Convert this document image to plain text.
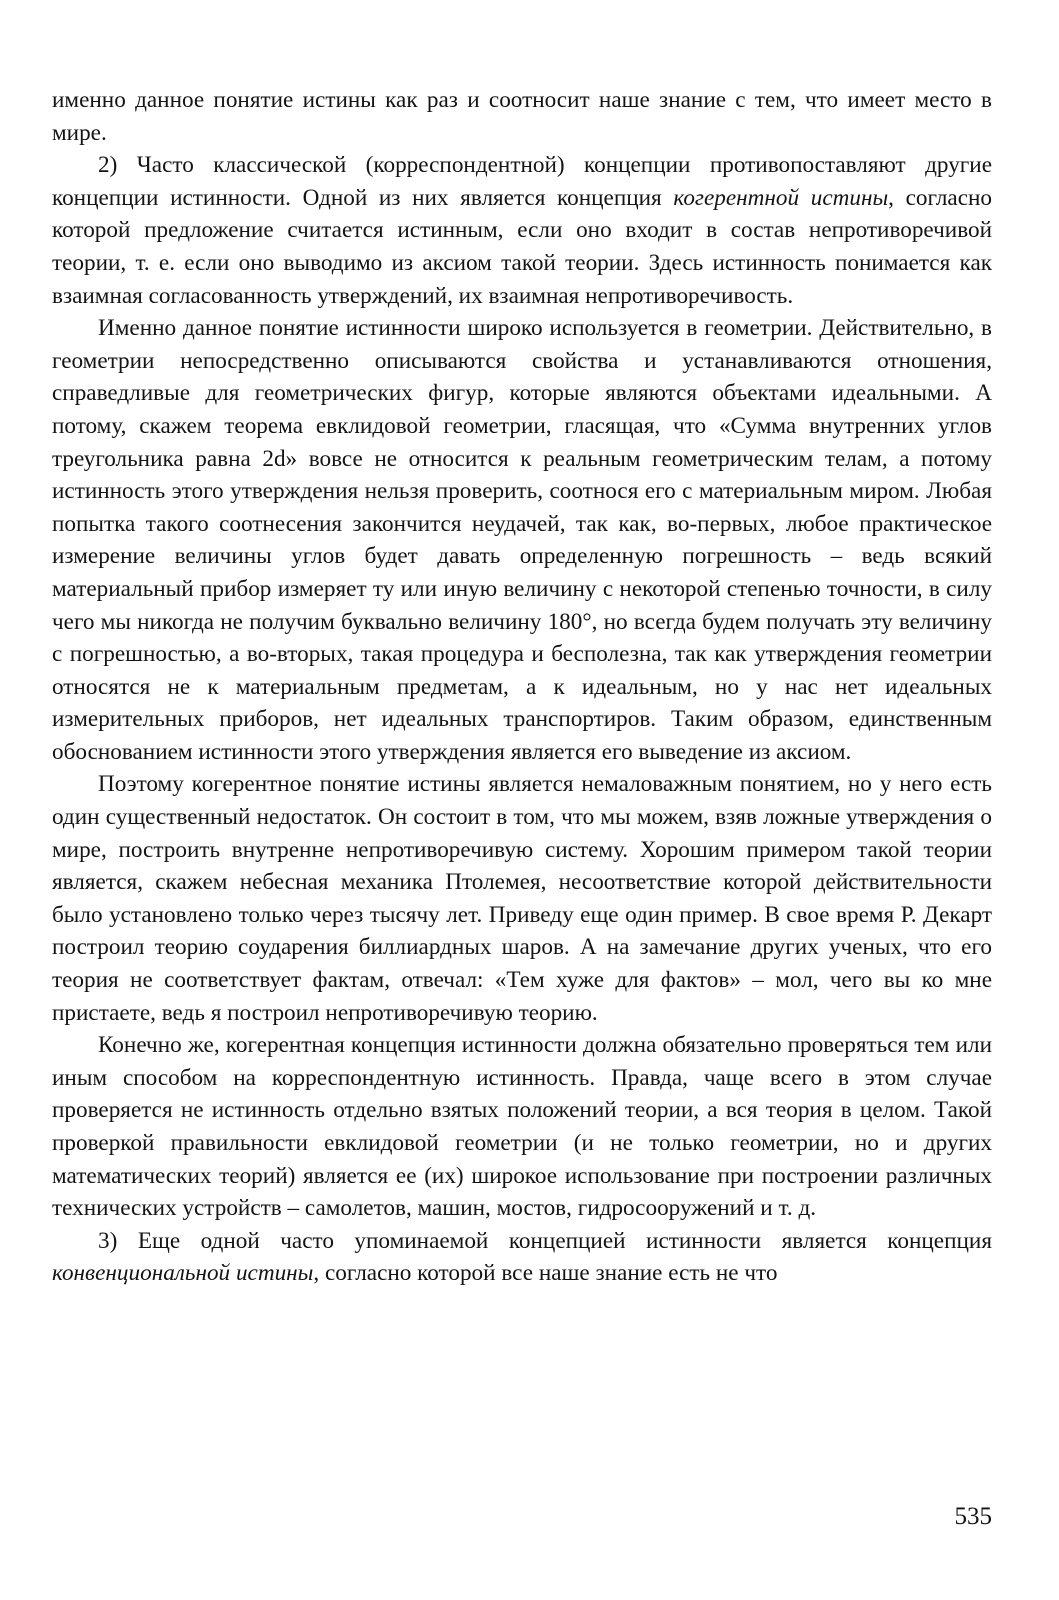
именно данное понятие истины как раз и соотносит наше знание с тем, что имеет место в мире.

2) Часто классической (корреспондентной) концепции противопоставляют другие концепции истинности. Одной из них является концепция когерентной истины, согласно которой предложение считается истинным, если оно входит в состав непротиворечивой теории, т. е. если оно выводимо из аксиом такой теории. Здесь истинность понимается как взаимная согласованность утверждений, их взаимная непротиворечивость.

Именно данное понятие истинности широко используется в геометрии. Действительно, в геометрии непосредственно описываются свойства и устанавливаются отношения, справедливые для геометрических фигур, которые являются объектами идеальными. А потому, скажем теорема евклидовой геометрии, гласящая, что «Сумма внутренних углов треугольника равна 2d» вовсе не относится к реальным геометрическим телам, а потому истинность этого утверждения нельзя проверить, соотнося его с материальным миром. Любая попытка такого соотнесения закончится неудачей, так как, во-первых, любое практическое измерение величины углов будет давать определенную погрешность – ведь всякий материальный прибор измеряет ту или иную величину с некоторой степенью точности, в силу чего мы никогда не получим буквально величину 180°, но всегда будем получать эту величину с погрешностью, а во-вторых, такая процедура и бесполезна, так как утверждения геометрии относятся не к материальным предметам, а к идеальным, но у нас нет идеальных измерительных приборов, нет идеальных транспортиров. Таким образом, единственным обоснованием истинности этого утверждения является его выведение из аксиом.

Поэтому когерентное понятие истины является немаловажным понятием, но у него есть один существенный недостаток. Он состоит в том, что мы можем, взяв ложные утверждения о мире, построить внутренне непротиворечивую систему. Хорошим примером такой теории является, скажем небесная механика Птолемея, несоответствие которой действительности было установлено только через тысячу лет. Приведу еще один пример. В свое время Р. Декарт построил теорию соударения биллиардных шаров. А на замечание других ученых, что его теория не соответствует фактам, отвечал: «Тем хуже для фактов» – мол, чего вы ко мне пристаете, ведь я построил непротиворечивую теорию.

Конечно же, когерентная концепция истинности должна обязательно проверяться тем или иным способом на корреспондентную истинность. Правда, чаще всего в этом случае проверяется не истинность отдельно взятых положений теории, а вся теория в целом. Такой проверкой правильности евклидовой геометрии (и не только геометрии, но и других математических теорий) является ее (их) широкое использование при построении различных технических устройств – самолетов, машин, мостов, гидросооружений и т. д.

3) Еще одной часто упоминаемой концепцией истинности является концепция конвенциональной истины, согласно которой все наше знание есть не что

535
